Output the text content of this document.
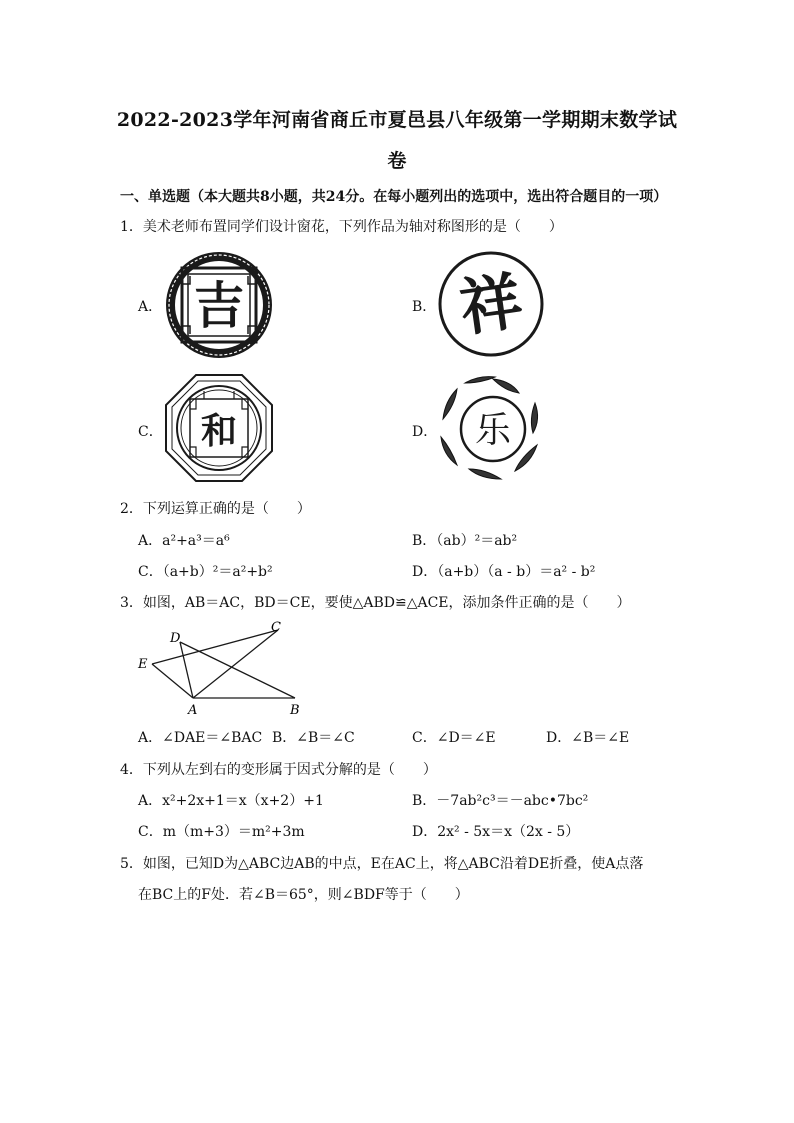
2022-2023学年河南省商丘市夏邑县八年级第一学期期末数学试
卷
一、单选题（本大题共8小题，共24分。在每小题列出的选项中，选出符合题目的一项）
1．美术老师布置同学们设计窗花，下列作品为轴对称图形的是（　　）
A． 吉	B． 祥
C． 和	D． 乐
2．下列运算正确的是（　　）
A．a²+a³＝a⁶	B．（ab）²＝ab²
C．（a+b）²＝a²+b²	D．（a+b）（a - b）＝a² - b²
3．如图，AB＝AC，BD＝CE，要使△ABD≌△ACE，添加条件正确的是（　　）
D
C
E
A	B
A．∠DAE＝∠BAC B．∠B＝∠C	C．∠D＝∠E	D．∠B＝∠E
4．下列从左到右的变形属于因式分解的是（　　）
A．x²+2x+1＝x（x+2）+1	B．－7ab²c³＝－abc•7bc²
C．m（m+3）＝m²+3m	D．2x² - 5x＝x（2x - 5）
5．如图，已知D为△ABC边AB的中点，E在AC上，将△ABC沿着DE折叠，使A点落
在BC上的F处．若∠B＝65°，则∠BDF等于（　　）
